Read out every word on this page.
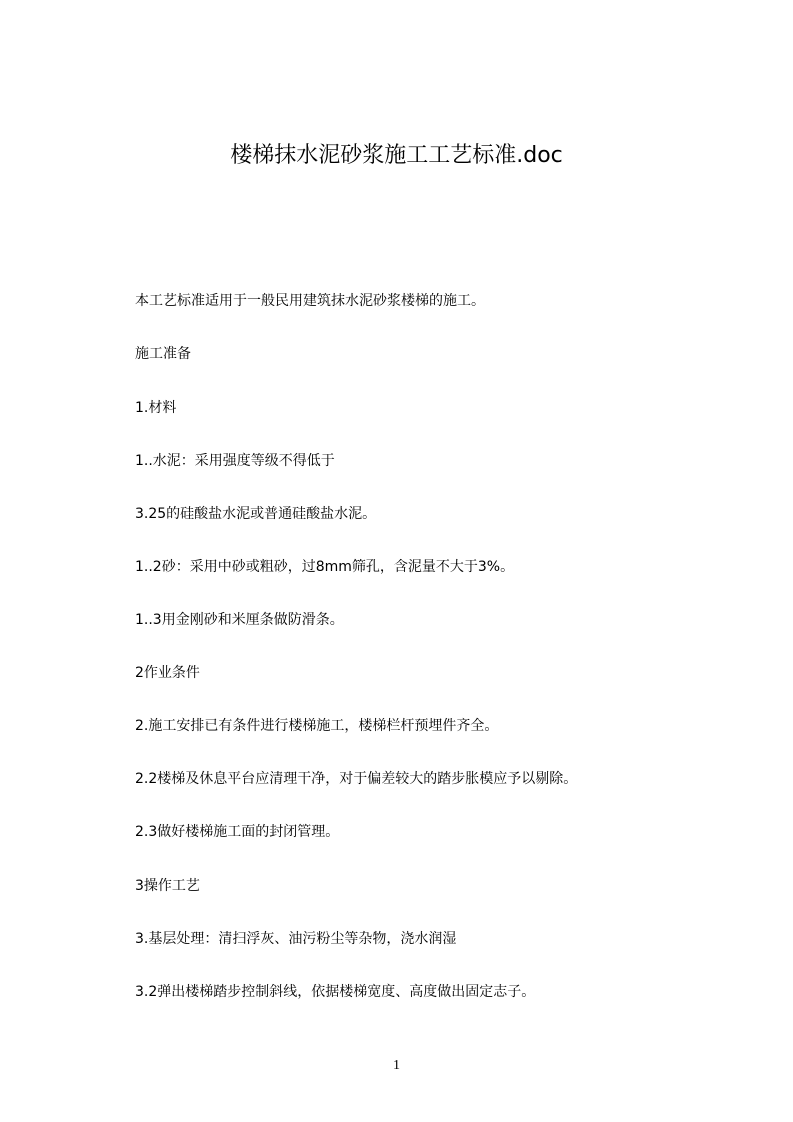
楼梯抹水泥砂浆施工工艺标准.doc

本工艺标准适用于一般民用建筑抹水泥砂浆楼梯的施工。

施工准备

1.材料

1..水泥：采用强度等级不得低于

3.25的硅酸盐水泥或普通硅酸盐水泥。

1..2砂：采用中砂或粗砂，过8mm筛孔，含泥量不大于3%。

1..3用金刚砂和米厘条做防滑条。

2作业条件

2.施工安排已有条件进行楼梯施工，楼梯栏杆预埋件齐全。

2.2楼梯及休息平台应清理干净，对于偏差较大的踏步胀模应予以剔除。

2.3做好楼梯施工面的封闭管理。

3操作工艺

3.基层处理：清扫浮灰、油污粉尘等杂物，浇水润湿

3.2弹出楼梯踏步控制斜线，依据楼梯宽度、高度做出固定志子。

1
